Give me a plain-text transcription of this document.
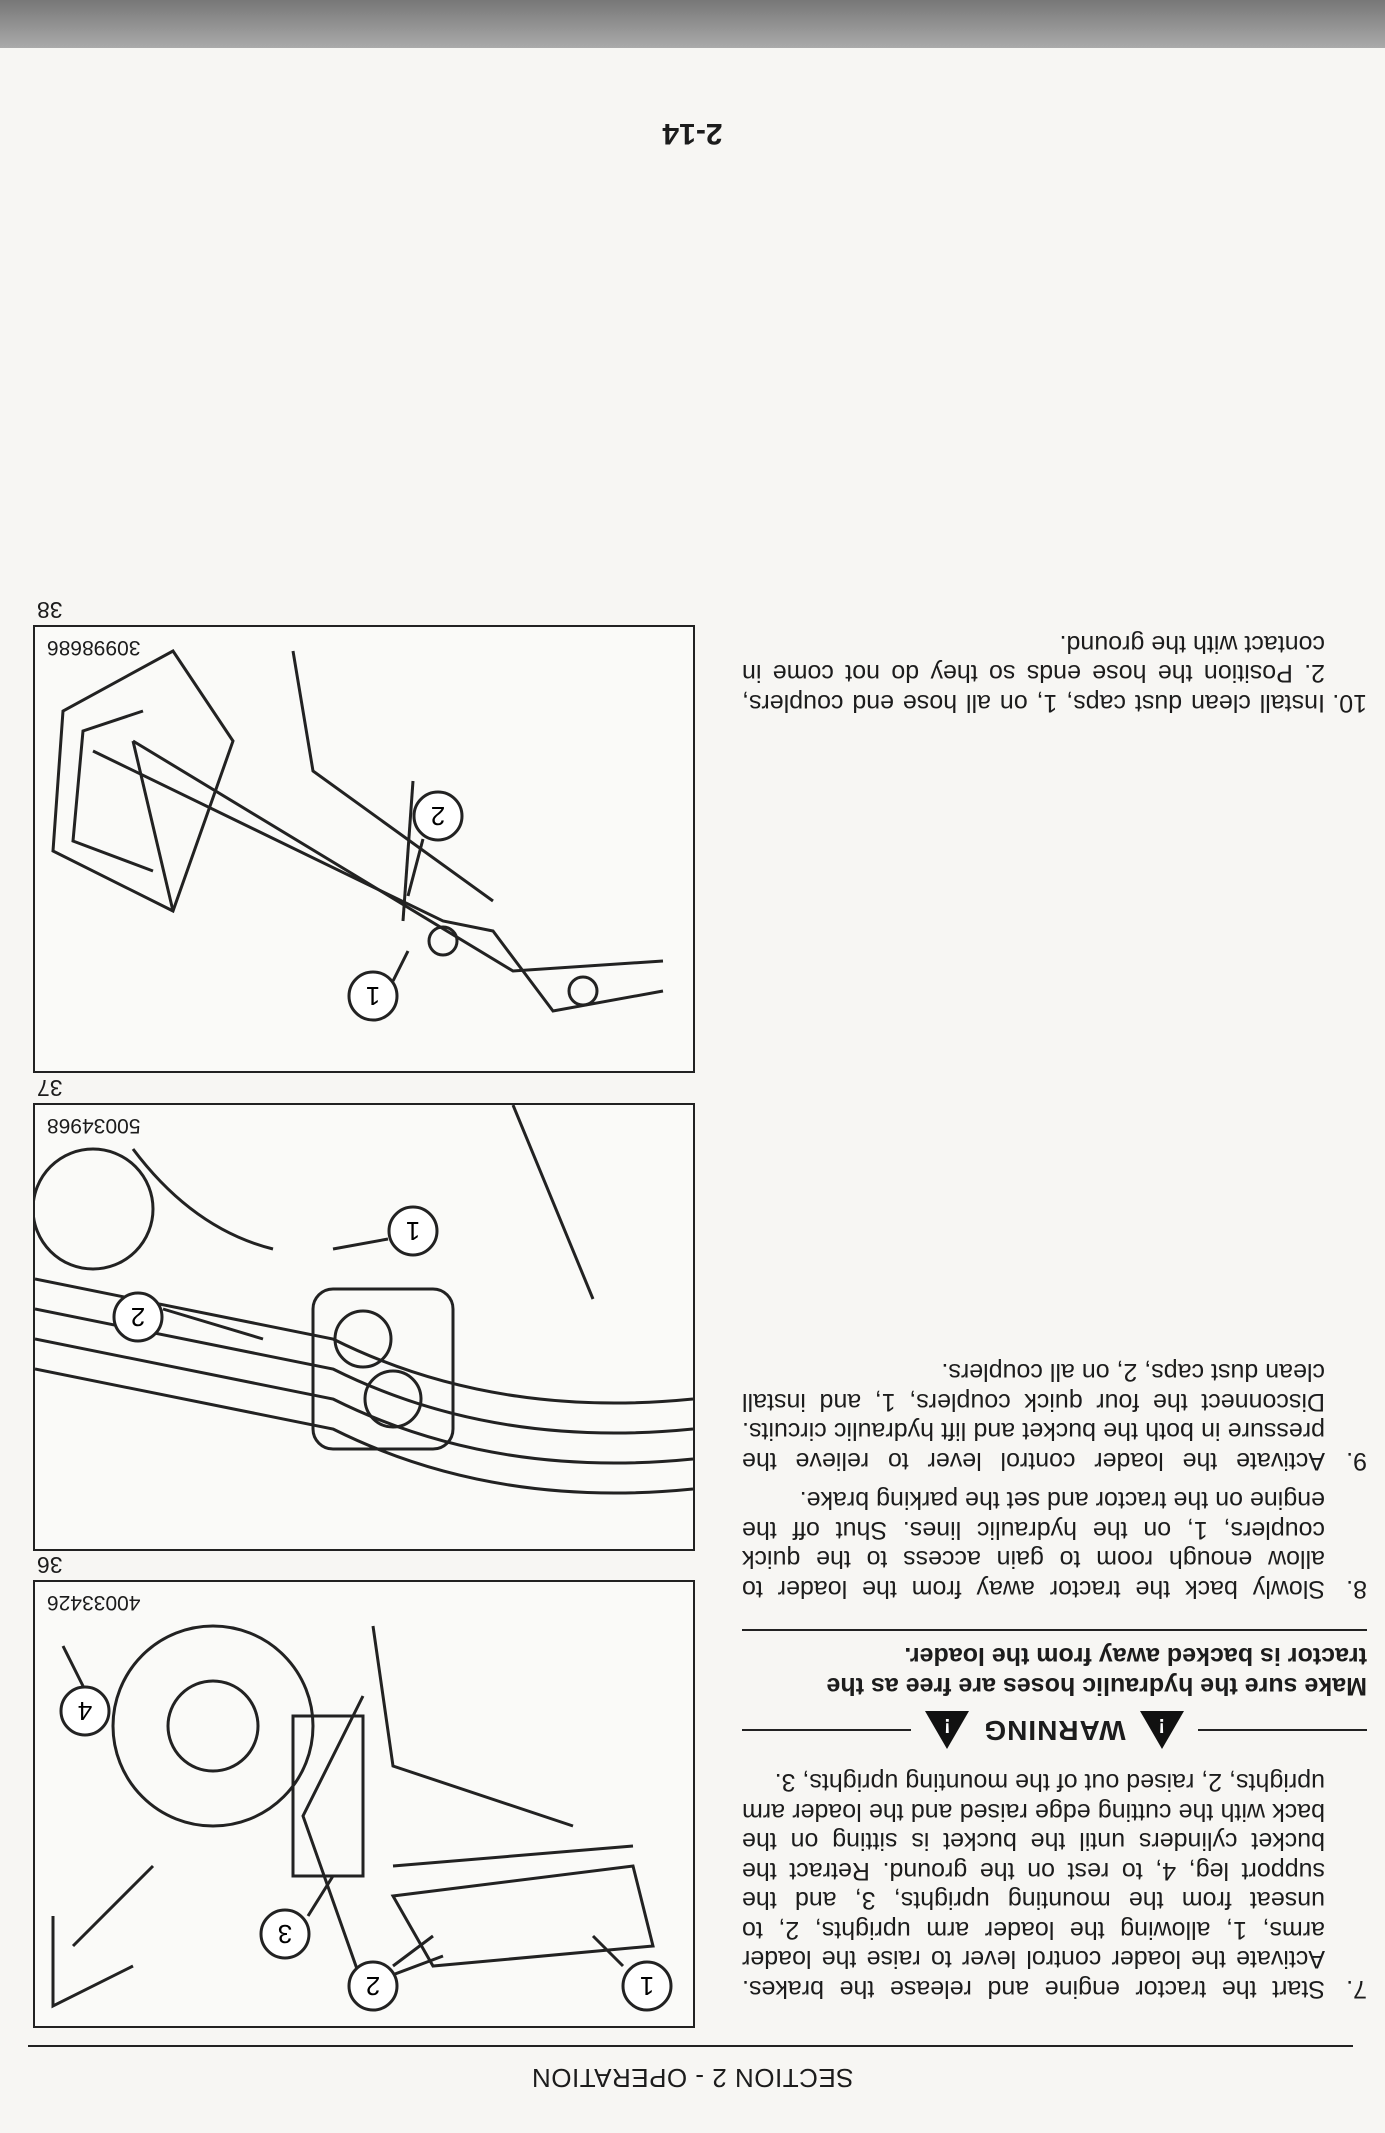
SECTION 2 - OPERATION
7.
Start the tractor engine and release the brakes. Activate the loader control lever to raise the loader arms, 1, allowing the loader arm uprights, 2, to unseat from the mounting uprights, 3, and the support leg, 4, to rest on the ground. Retract the bucket cylinders until the bucket is sitting on the back with the cutting edge raised and the loader arm uprights, 2, raised out of the mounting uprights, 3.
!
WARNING
!
Make sure the hydraulic hoses are free as the tractor is backed away from the loader.
8.
Slowly back the tractor away from the loader to allow enough room to gain access to the quick couplers, 1, on the hydraulic lines. Shut off the engine on the tractor and set the parking brake.
9.
Activate the loader control lever to relieve the pressure in both the bucket and lift hydraulic circuits. Disconnect the four quick couplers, 1, and install clean dust caps, 2, on all couplers.
10.
Install clean dust caps, 1, on all hose end couplers, 2. Position the hose ends so they do not come in contact with the ground.
1
2
3
4
40033426
36
1
2
50034968
37
1
2
30998686
38
2-14
